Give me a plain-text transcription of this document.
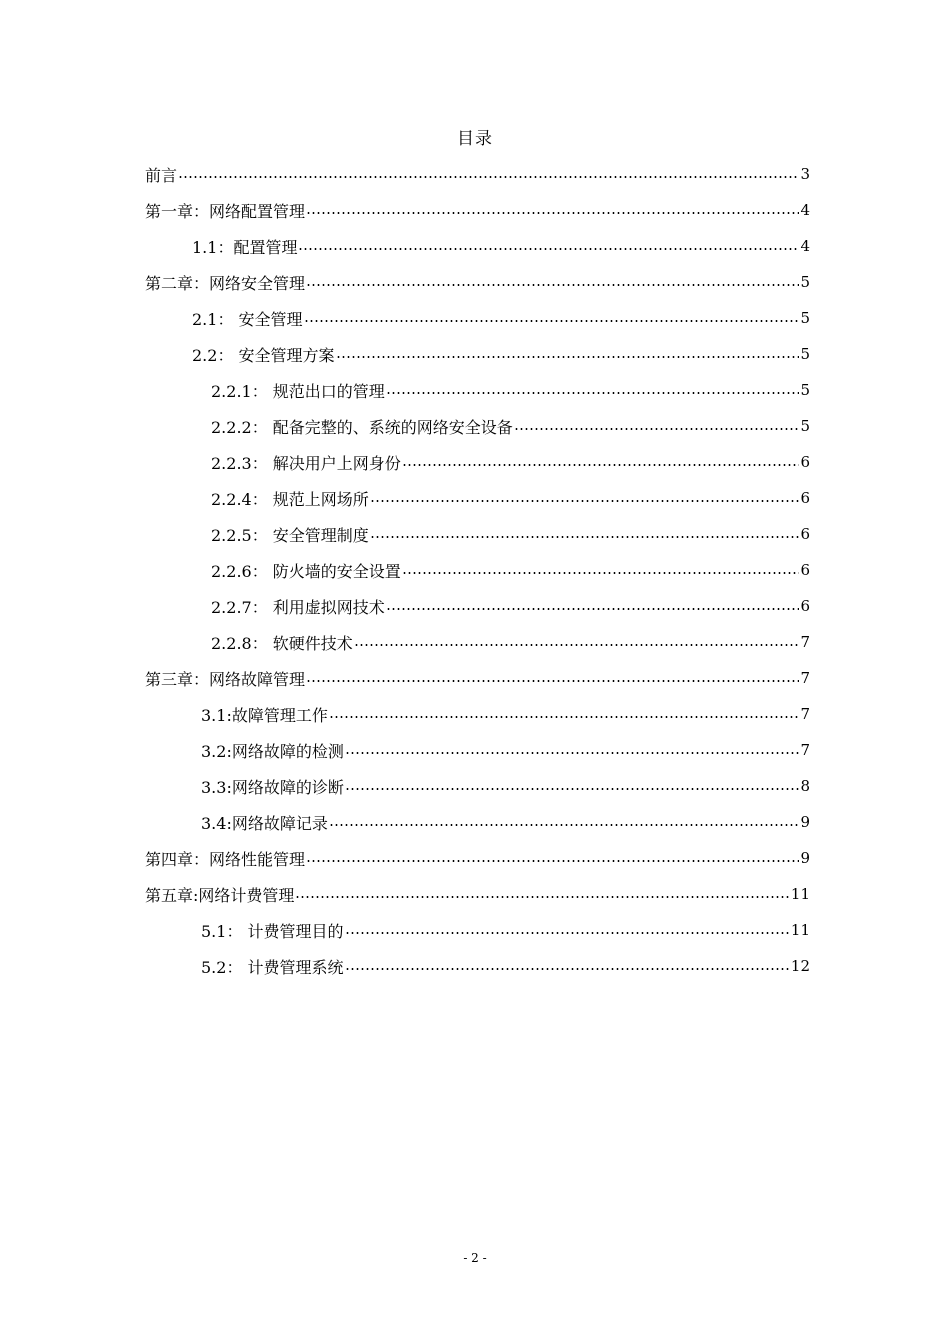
目录
前言	3
第一章：网络配置管理	4
1.1：配置管理	4
第二章：网络安全管理	5
2.1： 安全管理	5
2.2： 安全管理方案	5
2.2.1： 规范出口的管理	5
2.2.2： 配备完整的、系统的网络安全设备	5
2.2.3： 解决用户上网身份	6
2.2.4： 规范上网场所	6
2.2.5： 安全管理制度	6
2.2.6： 防火墙的安全设置	6
2.2.7： 利用虚拟网技术	6
2.2.8： 软硬件技术	7
第三章：网络故障管理	7
3.1:故障管理工作	7
3.2:网络故障的检测	7
3.3:网络故障的诊断	8
3.4:网络故障记录	9
第四章：网络性能管理	9
第五章:网络计费管理	11
5.1： 计费管理目的	11
5.2： 计费管理系统	12
- 2 -
